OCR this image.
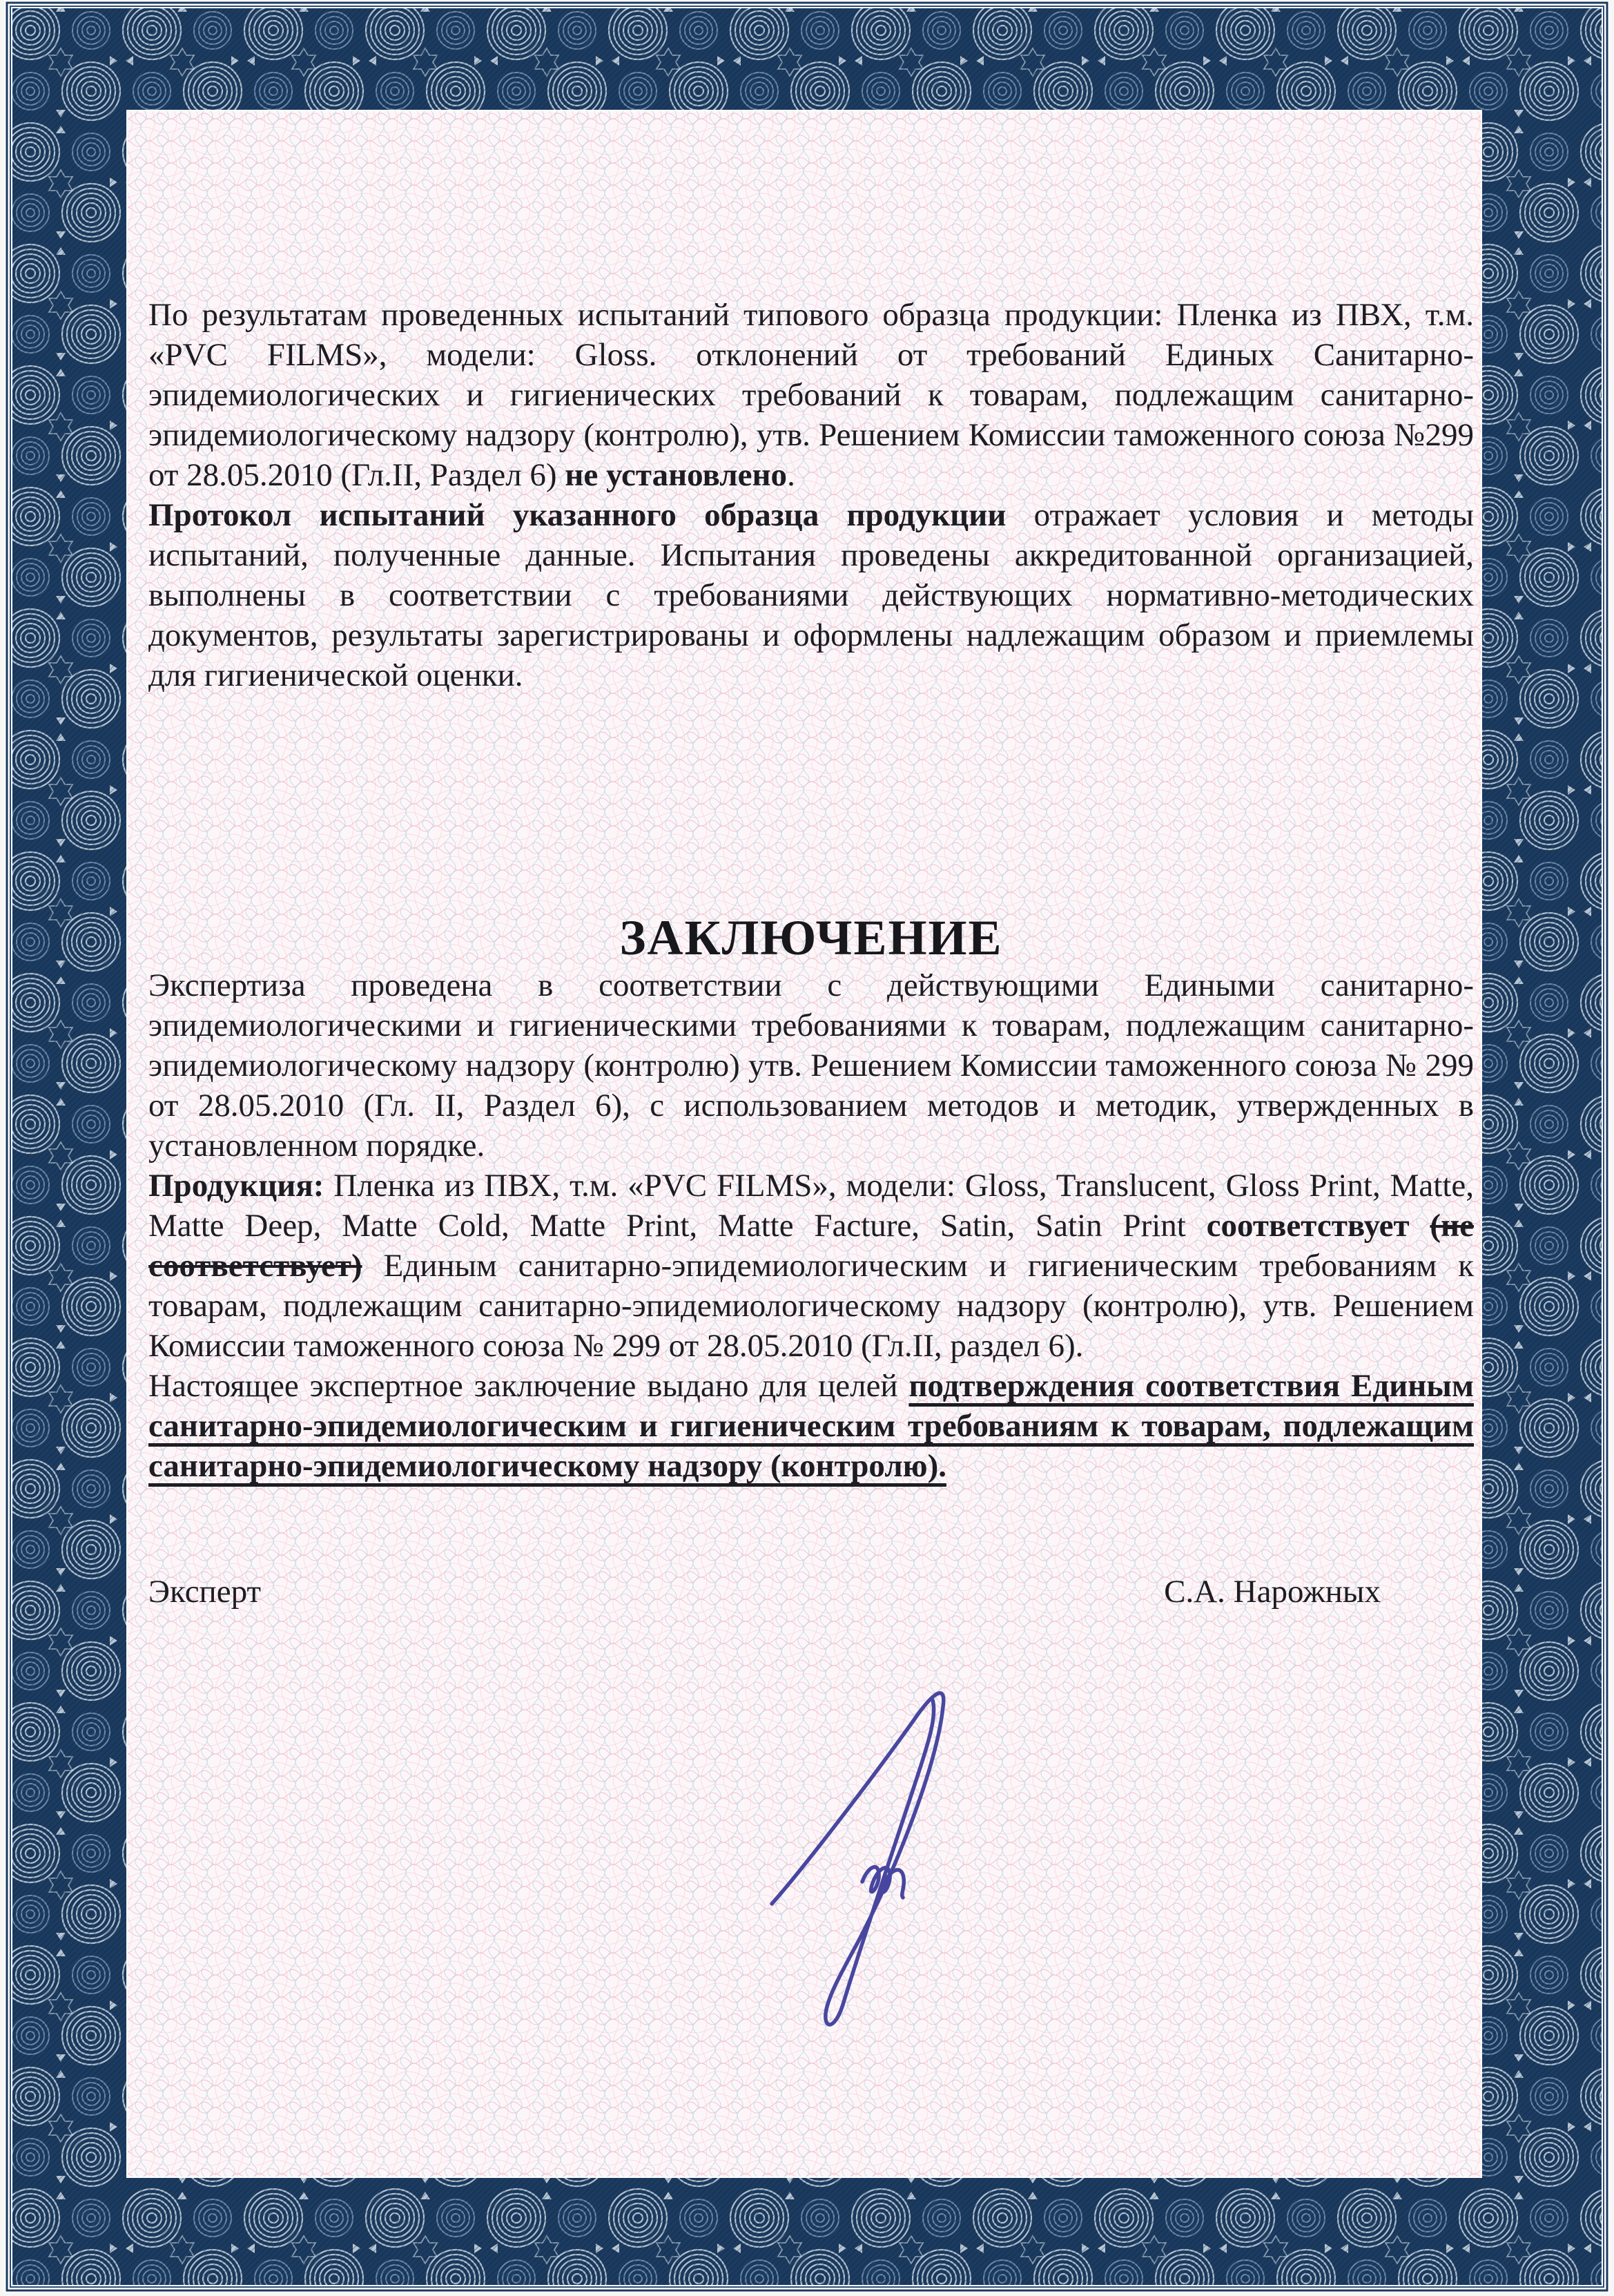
По результатам проведенных испытаний типового образца продукции: Пленка из ПВХ, т.м. «PVC FILMS», модели: Gloss. отклонений от требований Единых Санитарно-эпидемиологических и гигиенических требований к товарам, подлежащим санитарно-эпидемиологическому надзору (контролю), утв. Решением Комиссии таможенного союза №299 от 28.05.2010 (Гл.II, Раздел 6) не установлено.

Протокол испытаний указанного образца продукции отражает условия и методы испытаний, полученные данные. Испытания проведены аккредитованной организацией, выполнены в соответствии с требованиями действующих нормативно-методических документов, результаты зарегистрированы и оформлены надлежащим образом и приемлемы для гигиенической оценки.

ЗАКЛЮЧЕНИЕ

Экспертиза проведена в соответствии с действующими Едиными санитарно-эпидемиологическими и гигиеническими требованиями к товарам, подлежащим санитарно-эпидемиологическому надзору (контролю) утв. Решением Комиссии таможенного союза № 299 от 28.05.2010 (Гл. II, Раздел 6), с использованием методов и методик, утвержденных в установленном порядке.

Продукция: Пленка из ПВХ, т.м. «PVC FILMS», модели: Gloss, Translucent, Gloss Print, Matte, Matte Deep, Matte Cold, Matte Print, Matte Facture, Satin, Satin Print соответствует (не соответствует) Единым санитарно-эпидемиологическим и гигиеническим требованиям к товарам, подлежащим санитарно-эпидемиологическому надзору (контролю), утв. Решением Комиссии таможенного союза № 299 от 28.05.2010 (Гл.II, раздел 6).

Настоящее экспертное заключение выдано для целей подтверждения соответствия Единым санитарно-эпидемиологическим и гигиеническим требованиям к товарам, подлежащим санитарно-эпидемиологическому надзору (контролю).

Эксперт	С.А. Нарожных
